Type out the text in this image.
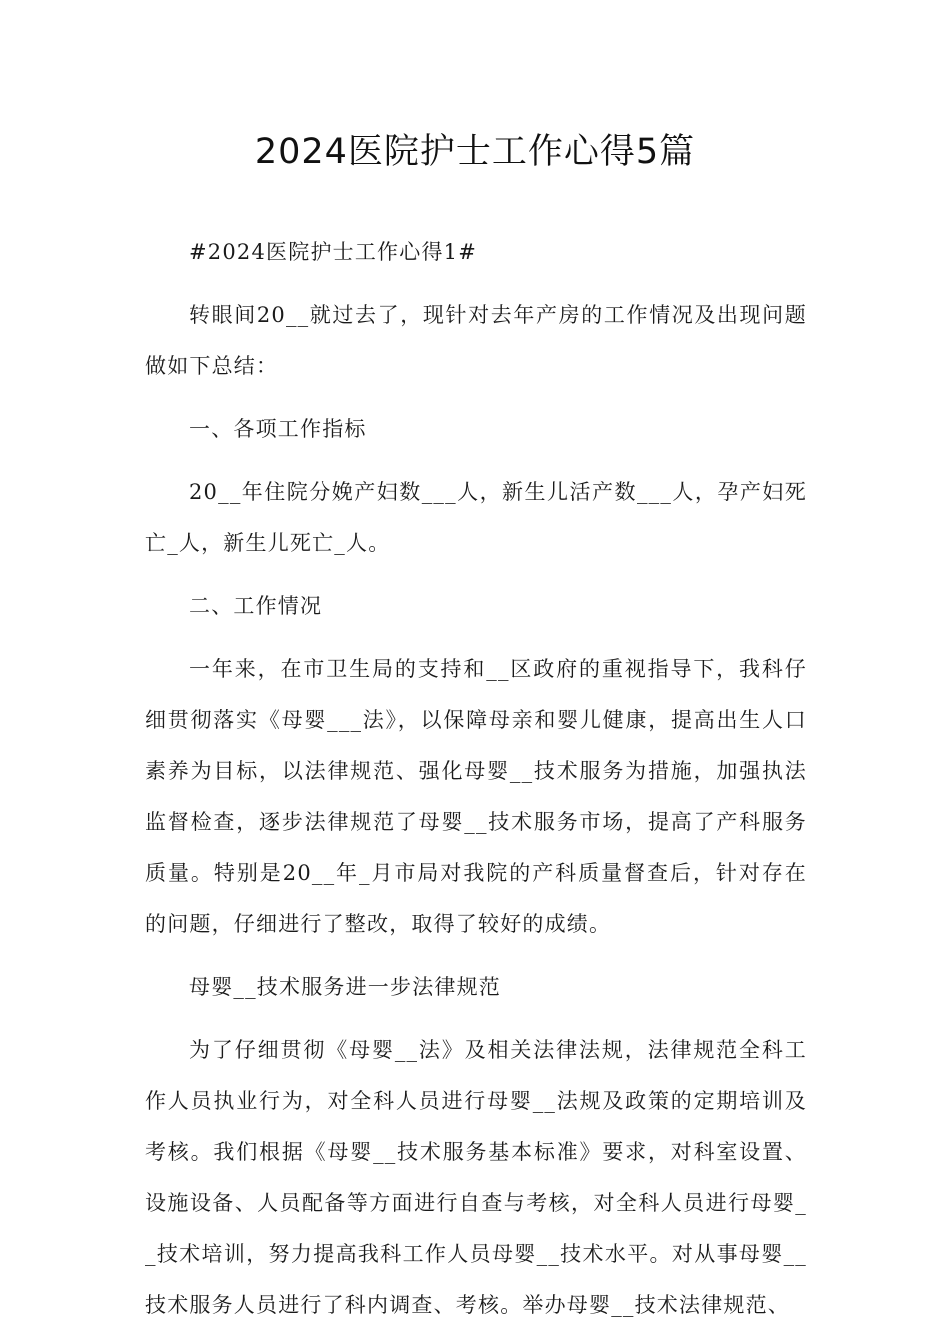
2024医院护士工作心得5篇

#2024医院护士工作心得1#

转眼间20__就过去了，现针对去年产房的工作情况及出现问题做如下总结：

一、各项工作指标

20__年住院分娩产妇数___人，新生儿活产数___人，孕产妇死亡_人，新生儿死亡_人。

二、工作情况

一年来，在市卫生局的支持和__区政府的重视指导下，我科仔细贯彻落实《母婴___法》，以保障母亲和婴儿健康，提高出生人口素养为目标，以法律规范、强化母婴__技术服务为措施，加强执法监督检查，逐步法律规范了母婴__技术服务市场，提高了产科服务质量。特别是20__年_月市局对我院的产科质量督查后，针对存在的问题，仔细进行了整改，取得了较好的成绩。

母婴__技术服务进一步法律规范

为了仔细贯彻《母婴__法》及相关法律法规，法律规范全科工作人员执业行为，对全科人员进行母婴__法规及政策的定期培训及考核。我们根据《母婴__技术服务基本标准》要求，对科室设置、设施设备、人员配备等方面进行自查与考核，对全科人员进行母婴__技术培训，努力提高我科工作人员母婴__技术水平。对从事母婴__技术服务人员进行了科内调查、考核。举办母婴__技术法律规范、
